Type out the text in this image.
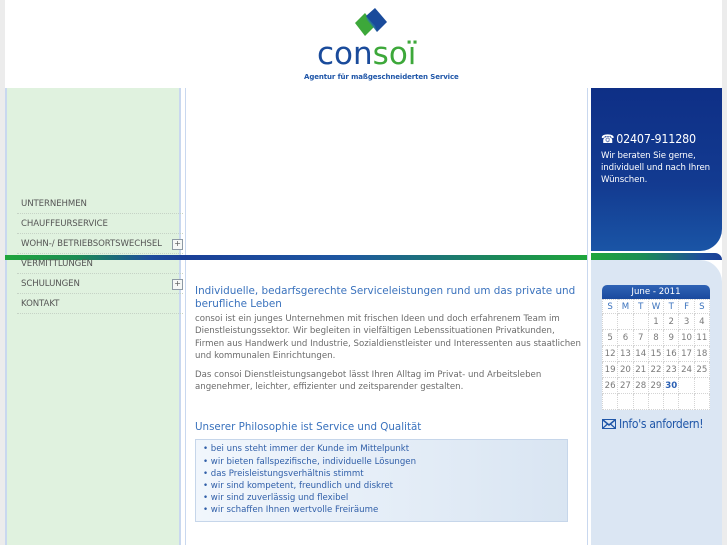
consoï
Agentur für maßgeschneiderten Service
UNTERNEHMEN
CHAUFFEURSERVICE
WOHN-/ BETRIEBSORTSWECHSEL +
VERMITTLUNGEN
SCHULUNGEN	+
KONTAKT
Individuelle, bedarfsgerechte Serviceleistungen rund um das private und berufliche Leben

consoi ist ein junges Unternehmen mit frischen Ideen und doch erfahrenem Team im Dienstleistungssektor. Wir begleiten in vielfältigen Lebenssituationen Privatkunden, Firmen aus Handwerk und Industrie, Sozialdienstleister und Interessenten aus staatlichen und kommunalen Einrichtungen.

Das consoi Dienstleistungsangebot lässt Ihren Alltag im Privat- und Arbeitsleben angenehmer, leichter, effizienter und zeitsparender gestalten.

Unserer Philosophie ist Service und Qualität
• bei uns steht immer der Kunde im Mittelpunkt
• wir bieten fallspezifische, individuelle Lösungen
• das Preisleistungsverhältnis stimmt
• wir sind kompetent, freundlich und diskret
• wir sind zuverlässig und flexibel
• wir schaffen Ihnen wertvolle Freiräume
☎ 02407-911280
Wir beraten Sie gerne, individuell und nach Ihren Wünschen.
June - 2011
S	M	T	W	T	F	S
			1	2	3	4
5	6	7	8	9	10	11
12	13	14	15	16	17	18
19	20	21	22	23	24	25
26	27	28	29	30		

Info's anfordern!
